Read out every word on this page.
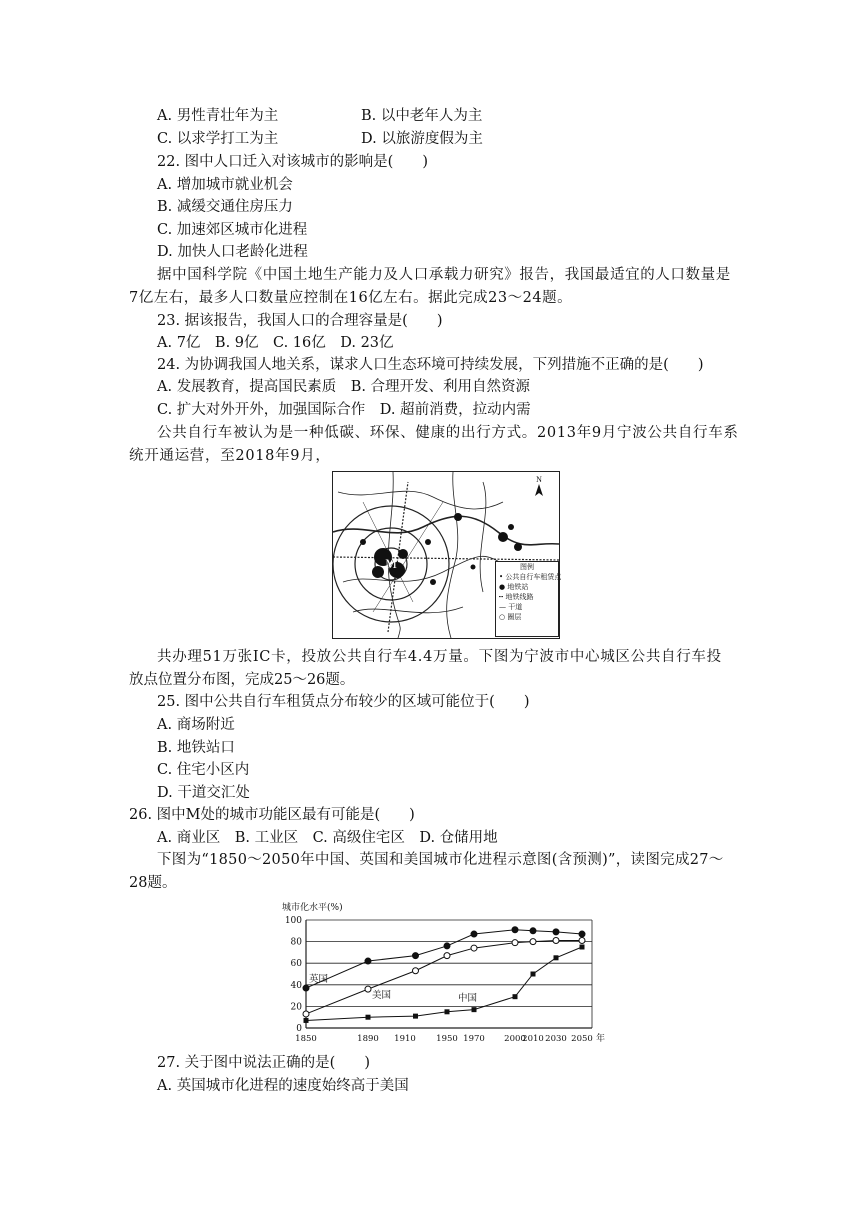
A. 男性青壮年为主	B. 以中老年人为主
C. 以求学打工为主	D. 以旅游度假为主
22. 图中人口迁入对该城市的影响是(　　)
A. 增加城市就业机会
B. 减缓交通住房压力
C. 加速郊区城市化进程
D. 加快人口老龄化进程
据中国科学院《中国土地生产能力及人口承载力研究》报告，我国最适宜的人口数量是
7亿左右，最多人口数量应控制在16亿左右。据此完成23～24题。
23. 据该报告，我国人口的合理容量是(　　)
A. 7亿　B. 9亿　C. 16亿　D. 23亿
24. 为协调我国人地关系，谋求人口生态环境可持续发展，下列措施不正确的是(　　)
A. 发展教育，提高国民素质　B. 合理开发、利用自然资源
C. 扩大对外开外，加强国际合作　D. 超前消费，拉动内需
公共自行车被认为是一种低碳、环保、健康的出行方式。2013年9月宁波公共自行车系
统开通运营，至2018年9月，
M
N
图例
• 公共自行车租赁点
● 地铁站
┅ 地铁线路
— 干道
○ 圈层
共办理51万张IC卡，投放公共自行车4.4万量。下图为宁波市中心城区公共自行车投
放点位置分布图，完成25～26题。
25. 图中公共自行车租赁点分布较少的区域可能位于(　　)
A. 商场附近
B. 地铁站口
C. 住宅小区内
D. 干道交汇处
26. 图中M处的城市功能区最有可能是(　　)
A. 商业区　B. 工业区　C. 高级住宅区　D. 仓储用地
下图为“1850～2050年中国、英国和美国城市化进程示意图(含预测)”，读图完成27～
28题。
城市化水平(%)
0
20
40
60
80
100
1850	1890 1910 1950 1970 2000
2010 2030 2050 年
英国
美国	中国
27. 关于图中说法正确的是(　　)
A. 英国城市化进程的速度始终高于美国
